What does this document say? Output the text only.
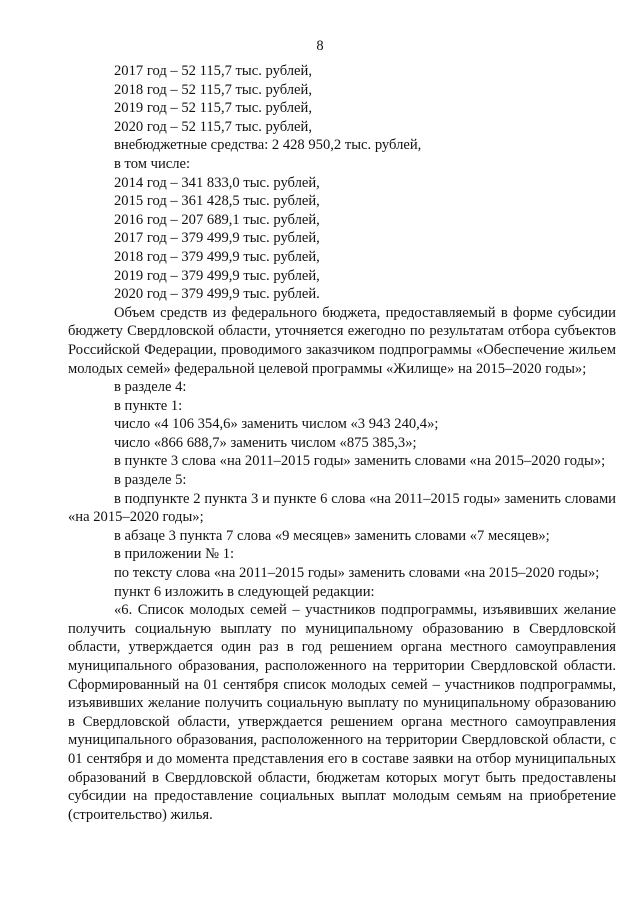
8
2017 год – 52 115,7 тыс. рублей,
2018 год – 52 115,7 тыс. рублей,
2019 год – 52 115,7 тыс. рублей,
2020 год – 52 115,7 тыс. рублей,
внебюджетные средства: 2 428 950,2 тыс. рублей,
в том числе:
2014 год – 341 833,0 тыс. рублей,
2015 год – 361 428,5 тыс. рублей,
2016 год – 207 689,1 тыс. рублей,
2017 год – 379 499,9 тыс. рублей,
2018 год – 379 499,9 тыс. рублей,
2019 год – 379 499,9 тыс. рублей,
2020 год – 379 499,9 тыс. рублей.

Объем средств из федерального бюджета, предоставляемый в форме субсидии бюджету Свердловской области, уточняется ежегодно по результатам отбора субъектов Российской Федерации, проводимого заказчиком подпрограммы «Обеспечение жильем молодых семей» федеральной целевой программы «Жилище» на 2015–2020 годы»;

в разделе 4:
в пункте 1:
число «4 106 354,6» заменить числом «3 943 240,4»;
число «866 688,7» заменить числом «875 385,3»;

в пункте 3 слова «на 2011–2015 годы» заменить словами «на 2015–2020 годы»;

в разделе 5:

в подпункте 2 пункта 3 и пункте 6 слова «на 2011–2015 годы» заменить словами «на 2015–2020 годы»;

в абзаце 3 пункта 7 слова «9 месяцев» заменить словами «7 месяцев»;
в приложении № 1:

по тексту слова «на 2011–2015 годы» заменить словами «на 2015–2020 годы»;

пункт 6 изложить в следующей редакции:

«6. Список молодых семей – участников подпрограммы, изъявивших желание получить социальную выплату по муниципальному образованию в Свердловской области, утверждается один раз в год решением органа местного самоуправления муниципального образования, расположенного на территории Свердловской области. Сформированный на 01 сентября список молодых семей – участников подпрограммы, изъявивших желание получить социальную выплату по муниципальному образованию в Свердловской области, утверждается решением органа местного самоуправления муниципального образования, расположенного на территории Свердловской области, с 01 сентября и до момента представления его в составе заявки на отбор муниципальных образований в Свердловской области, бюджетам которых могут быть предоставлены субсидии на предоставление социальных выплат молодым семьям на приобретение (строительство) жилья.
